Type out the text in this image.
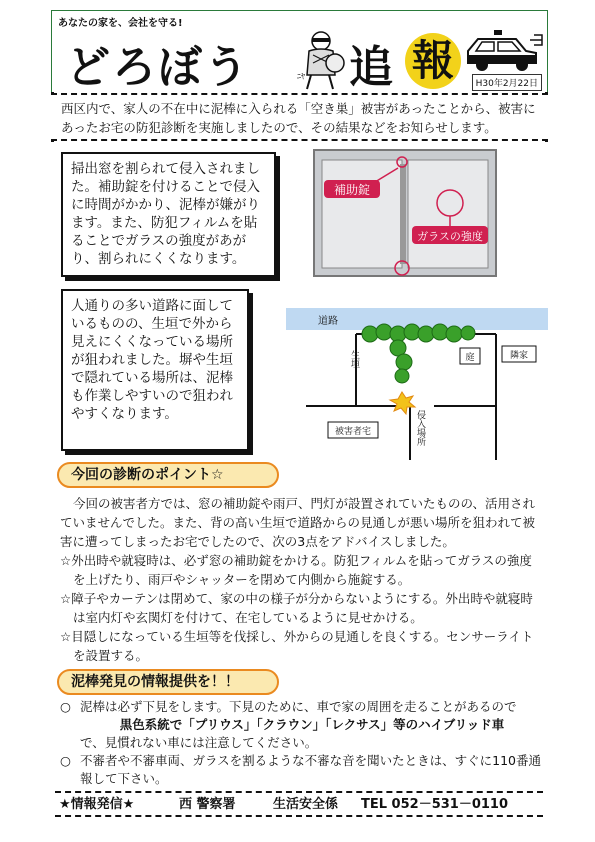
あなたの家を、会社を守る!
どろぼう	ﾆﾔ 追 報	H30年2月22日
西区内で、家人の不在中に泥棒に入られる「空き巣」被害があったことから、被害にあったお宅の防犯診断を実施しましたので、その結果などをお知らせします。
掃出窓を割られて侵入されました。補助錠を付けることで侵入に時間がかかり、泥棒が嫌がります。また、防犯フィルムを貼ることでガラスの強度があがり、割られにくくなります。
補助錠
ガラスの強度
人通りの多い道路に面しているものの、生垣で外から見えにくくなっている場所が狙われました。塀や生垣で隠れている場所は、泥棒も作業しやすいので狙われやすくなります。
道路
生垣	庭	隣家
被害者宅	侵入場所
今回の診断のポイント☆

今回の被害者方では、窓の補助錠や雨戸、門灯が設置されていたものの、活用されていませんでした。また、背の高い生垣で道路からの見通しが悪い場所を狙われて被害に遭ってしまったお宅でしたので、次の3点をアドバイスしました。

☆外出時や就寝時は、必ず窓の補助錠をかける。防犯フィルムを貼ってガラスの強度を上げたり、雨戸やシャッターを閉めて内側から施錠する。

☆障子やカーテンは閉めて、家の中の様子が分からないようにする。外出時や就寝時は室内灯や玄関灯を付けて、在宅しているように見せかける。

☆目隠しになっている生垣等を伐採し、外からの見通しを良くする。センサーライトを設置する。

泥棒発見の情報提供を！！
○ 泥棒は必ず下見をします。下見のために、車で家の周囲を走ることがあるので
黒色系統で「プリウス」「クラウン」「レクサス」等のハイブリッド車
で、見慣れない車には注意してください。
○ 不審者や不審車両、ガラスを割るような不審な音を聞いたときは、すぐに110番通報して下さい。
★情報発信★	西 警察署	生活安全係 TEL 052－531－0110
